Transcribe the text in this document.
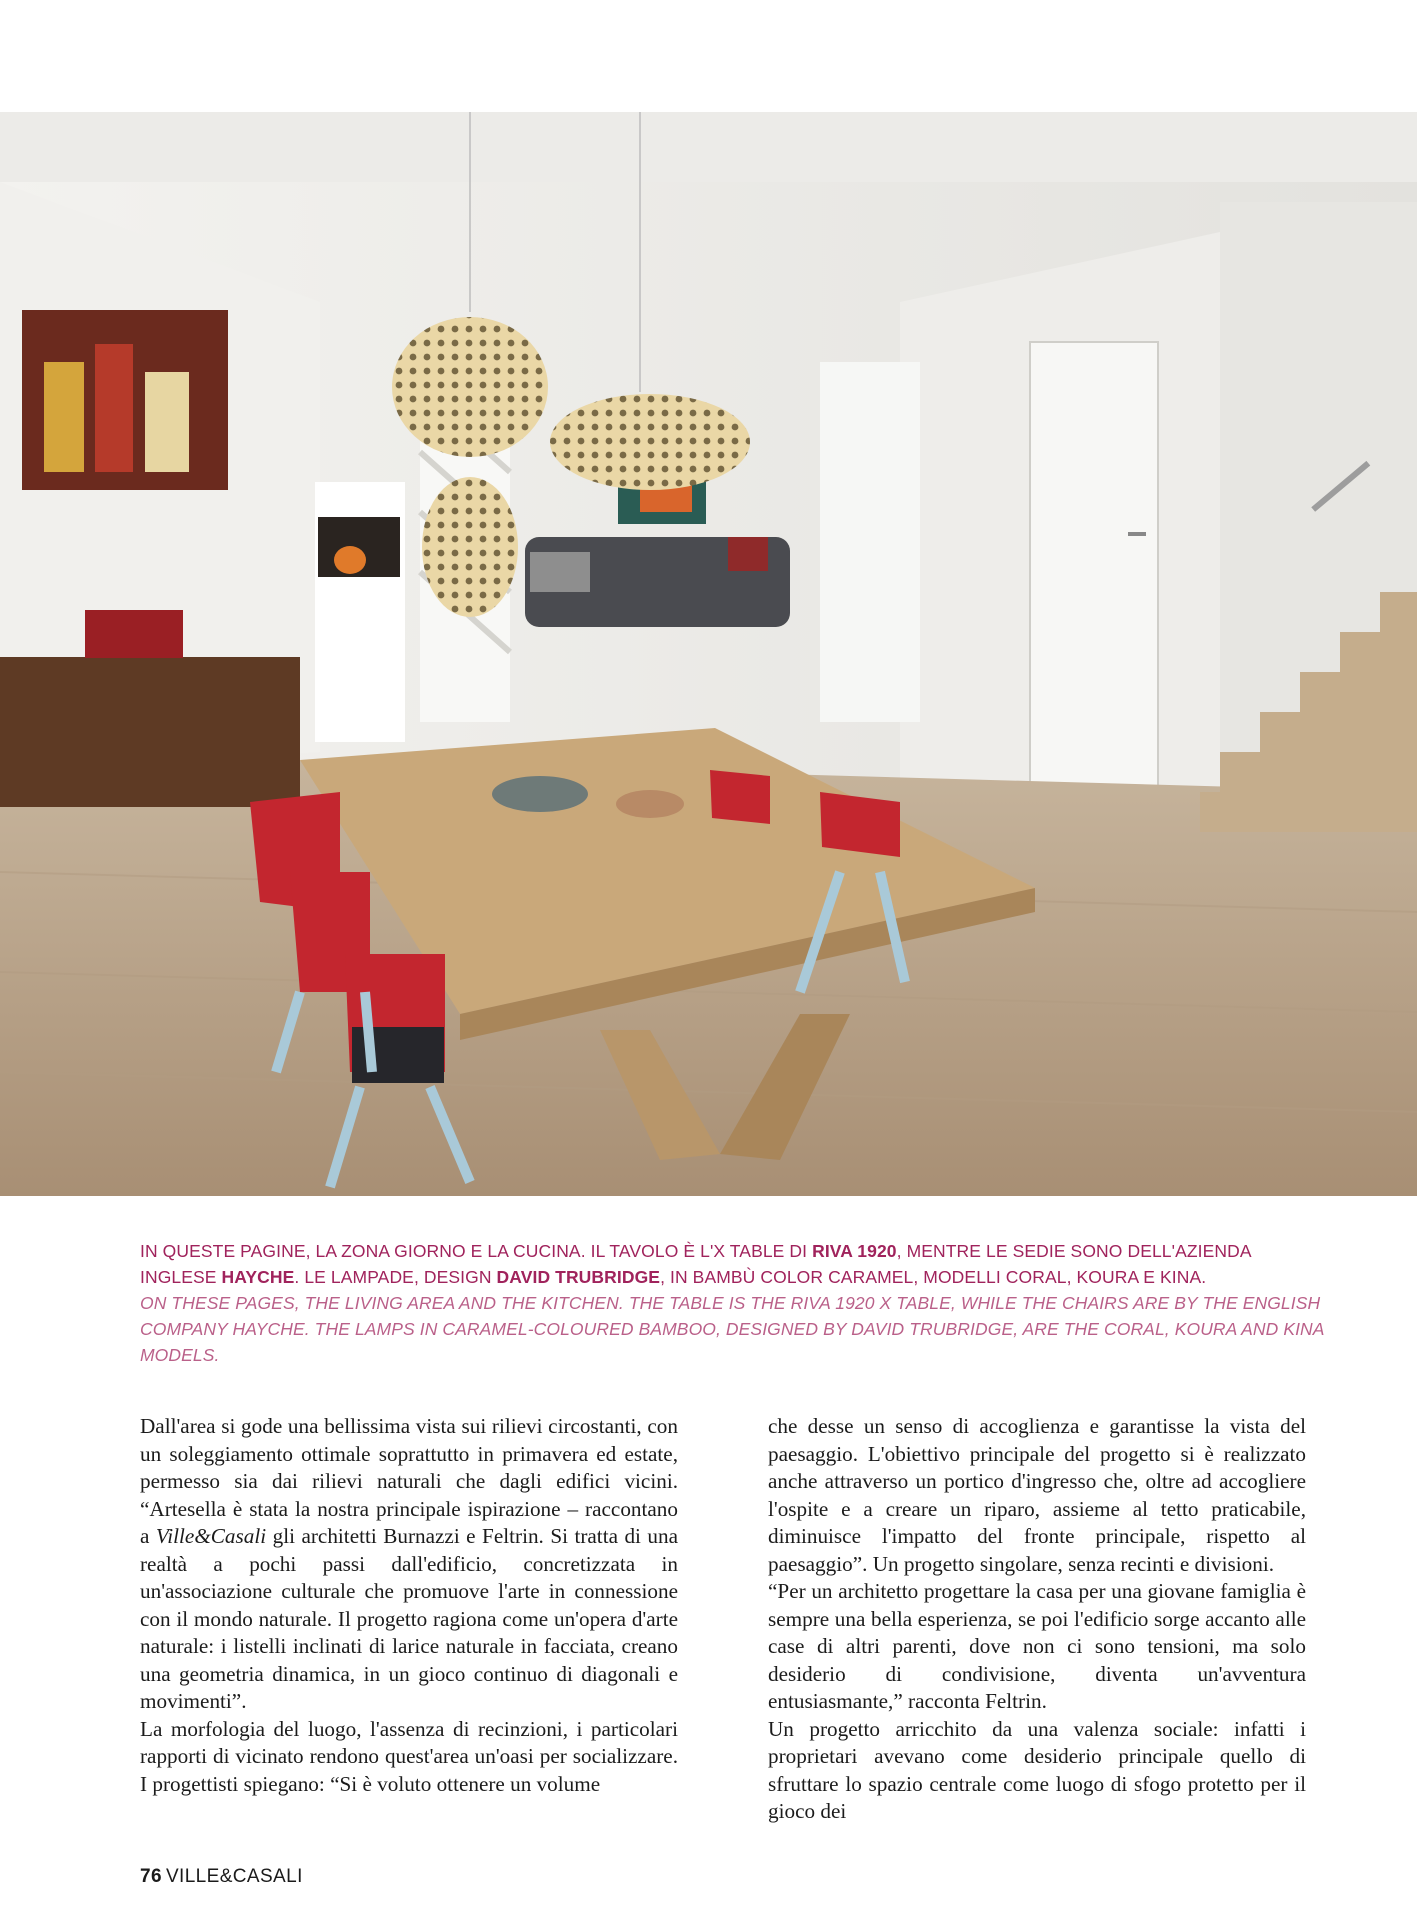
IN QUESTE PAGINE, LA ZONA GIORNO E LA CUCINA. IL TAVOLO È L'X TABLE DI RIVA 1920, MENTRE LE SEDIE SONO DELL'AZIENDA INGLESE HAYCHE. LE LAMPADE, DESIGN DAVID TRUBRIDGE, IN BAMBÙ COLOR CARAMEL, MODELLI CORAL, KOURA E KINA.

ON THESE PAGES, THE LIVING AREA AND THE KITCHEN. THE TABLE IS THE RIVA 1920 X TABLE, WHILE THE CHAIRS ARE BY THE ENGLISH COMPANY HAYCHE. THE LAMPS IN CARAMEL-COLOURED BAMBOO, DESIGNED BY DAVID TRUBRIDGE, ARE THE CORAL, KOURA AND KINA MODELS.

Dall'area si gode una bellissima vista sui rilievi circostanti, con un soleggiamento ottimale soprattutto in primavera ed estate, permesso sia dai rilievi naturali che dagli edifici vicini. “Artesella è stata la nostra principale ispirazione – raccontano a Ville&Casali gli architetti Burnazzi e Feltrin. Si tratta di una realtà a pochi passi dall'edificio, concretizzata in un'associazione culturale che promuove l'arte in connessione con il mondo naturale. Il progetto ragiona come un'opera d'arte naturale: i listelli inclinati di larice naturale in facciata, creano una geometria dinamica, in un gioco continuo di diagonali e movimenti”.

La morfologia del luogo, l'assenza di recinzioni, i particolari rapporti di vicinato rendono quest'area un'oasi per socializzare. I progettisti spiegano: “Si è voluto ottenere un volume

che desse un senso di accoglienza e garantisse la vista del paesaggio. L'obiettivo principale del progetto si è realizzato anche attraverso un portico d'ingresso che, oltre ad accogliere l'ospite e a creare un riparo, assieme al tetto praticabile, diminuisce l'impatto del fronte principale, rispetto al paesaggio”. Un progetto singolare, senza recinti e divisioni.

“Per un architetto progettare la casa per una giovane famiglia è sempre una bella esperienza, se poi l'edificio sorge accanto alle case di altri parenti, dove non ci sono tensioni, ma solo desiderio di condivisione, diventa un'avventura entusiasmante,” racconta Feltrin.

Un progetto arricchito da una valenza sociale: infatti i proprietari avevano come desiderio principale quello di sfruttare lo spazio centrale come luogo di sfogo protetto per il gioco dei

76 VILLE&CASALI
